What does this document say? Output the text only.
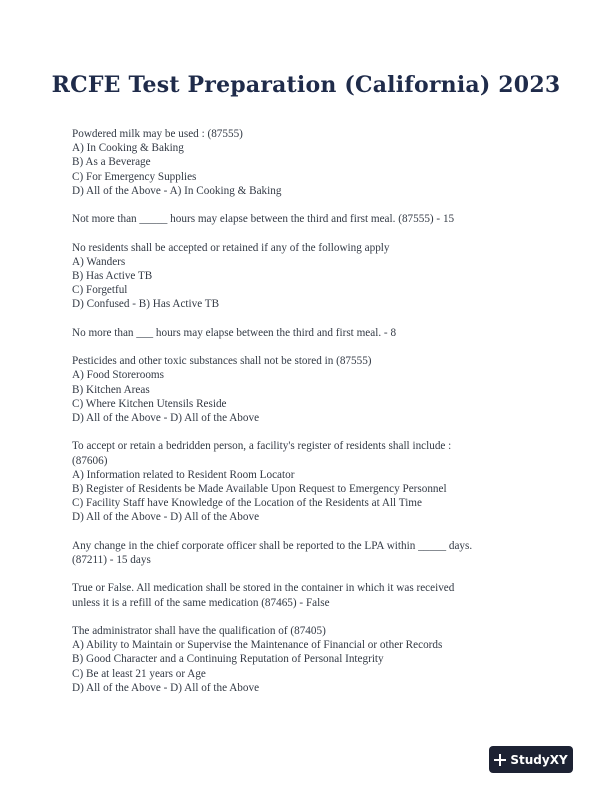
RCFE Test Preparation (California) 2023
Powdered milk may be used : (87555)
A) In Cooking & Baking
B) As a Beverage
C) For Emergency Supplies
D) All of the Above - A) In Cooking & Baking
Not more than _____ hours may elapse between the third and first meal. (87555) - 15
No residents shall be accepted or retained if any of the following apply
A) Wanders
B) Has Active TB
C) Forgetful
D) Confused - B) Has Active TB
No more than ___ hours may elapse between the third and first meal. - 8
Pesticides and other toxic substances shall not be stored in (87555)
A) Food Storerooms
B) Kitchen Areas
C) Where Kitchen Utensils Reside
D) All of the Above - D) All of the Above
To accept or retain a bedridden person, a facility's register of residents shall include :
(87606)
A) Information related to Resident Room Locator
B) Register of Residents be Made Available Upon Request to Emergency Personnel
C) Facility Staff have Knowledge of the Location of the Residents at All Time
D) All of the Above - D) All of the Above
Any change in the chief corporate officer shall be reported to the LPA within _____ days.
(87211) - 15 days
True or False. All medication shall be stored in the container in which it was received
unless it is a refill of the same medication (87465) - False
The administrator shall have the qualification of (87405)
A) Ability to Maintain or Supervise the Maintenance of Financial or other Records
B) Good Character and a Continuing Reputation of Personal Integrity
C) Be at least 21 years or Age
D) All of the Above - D) All of the Above
StudyXY
